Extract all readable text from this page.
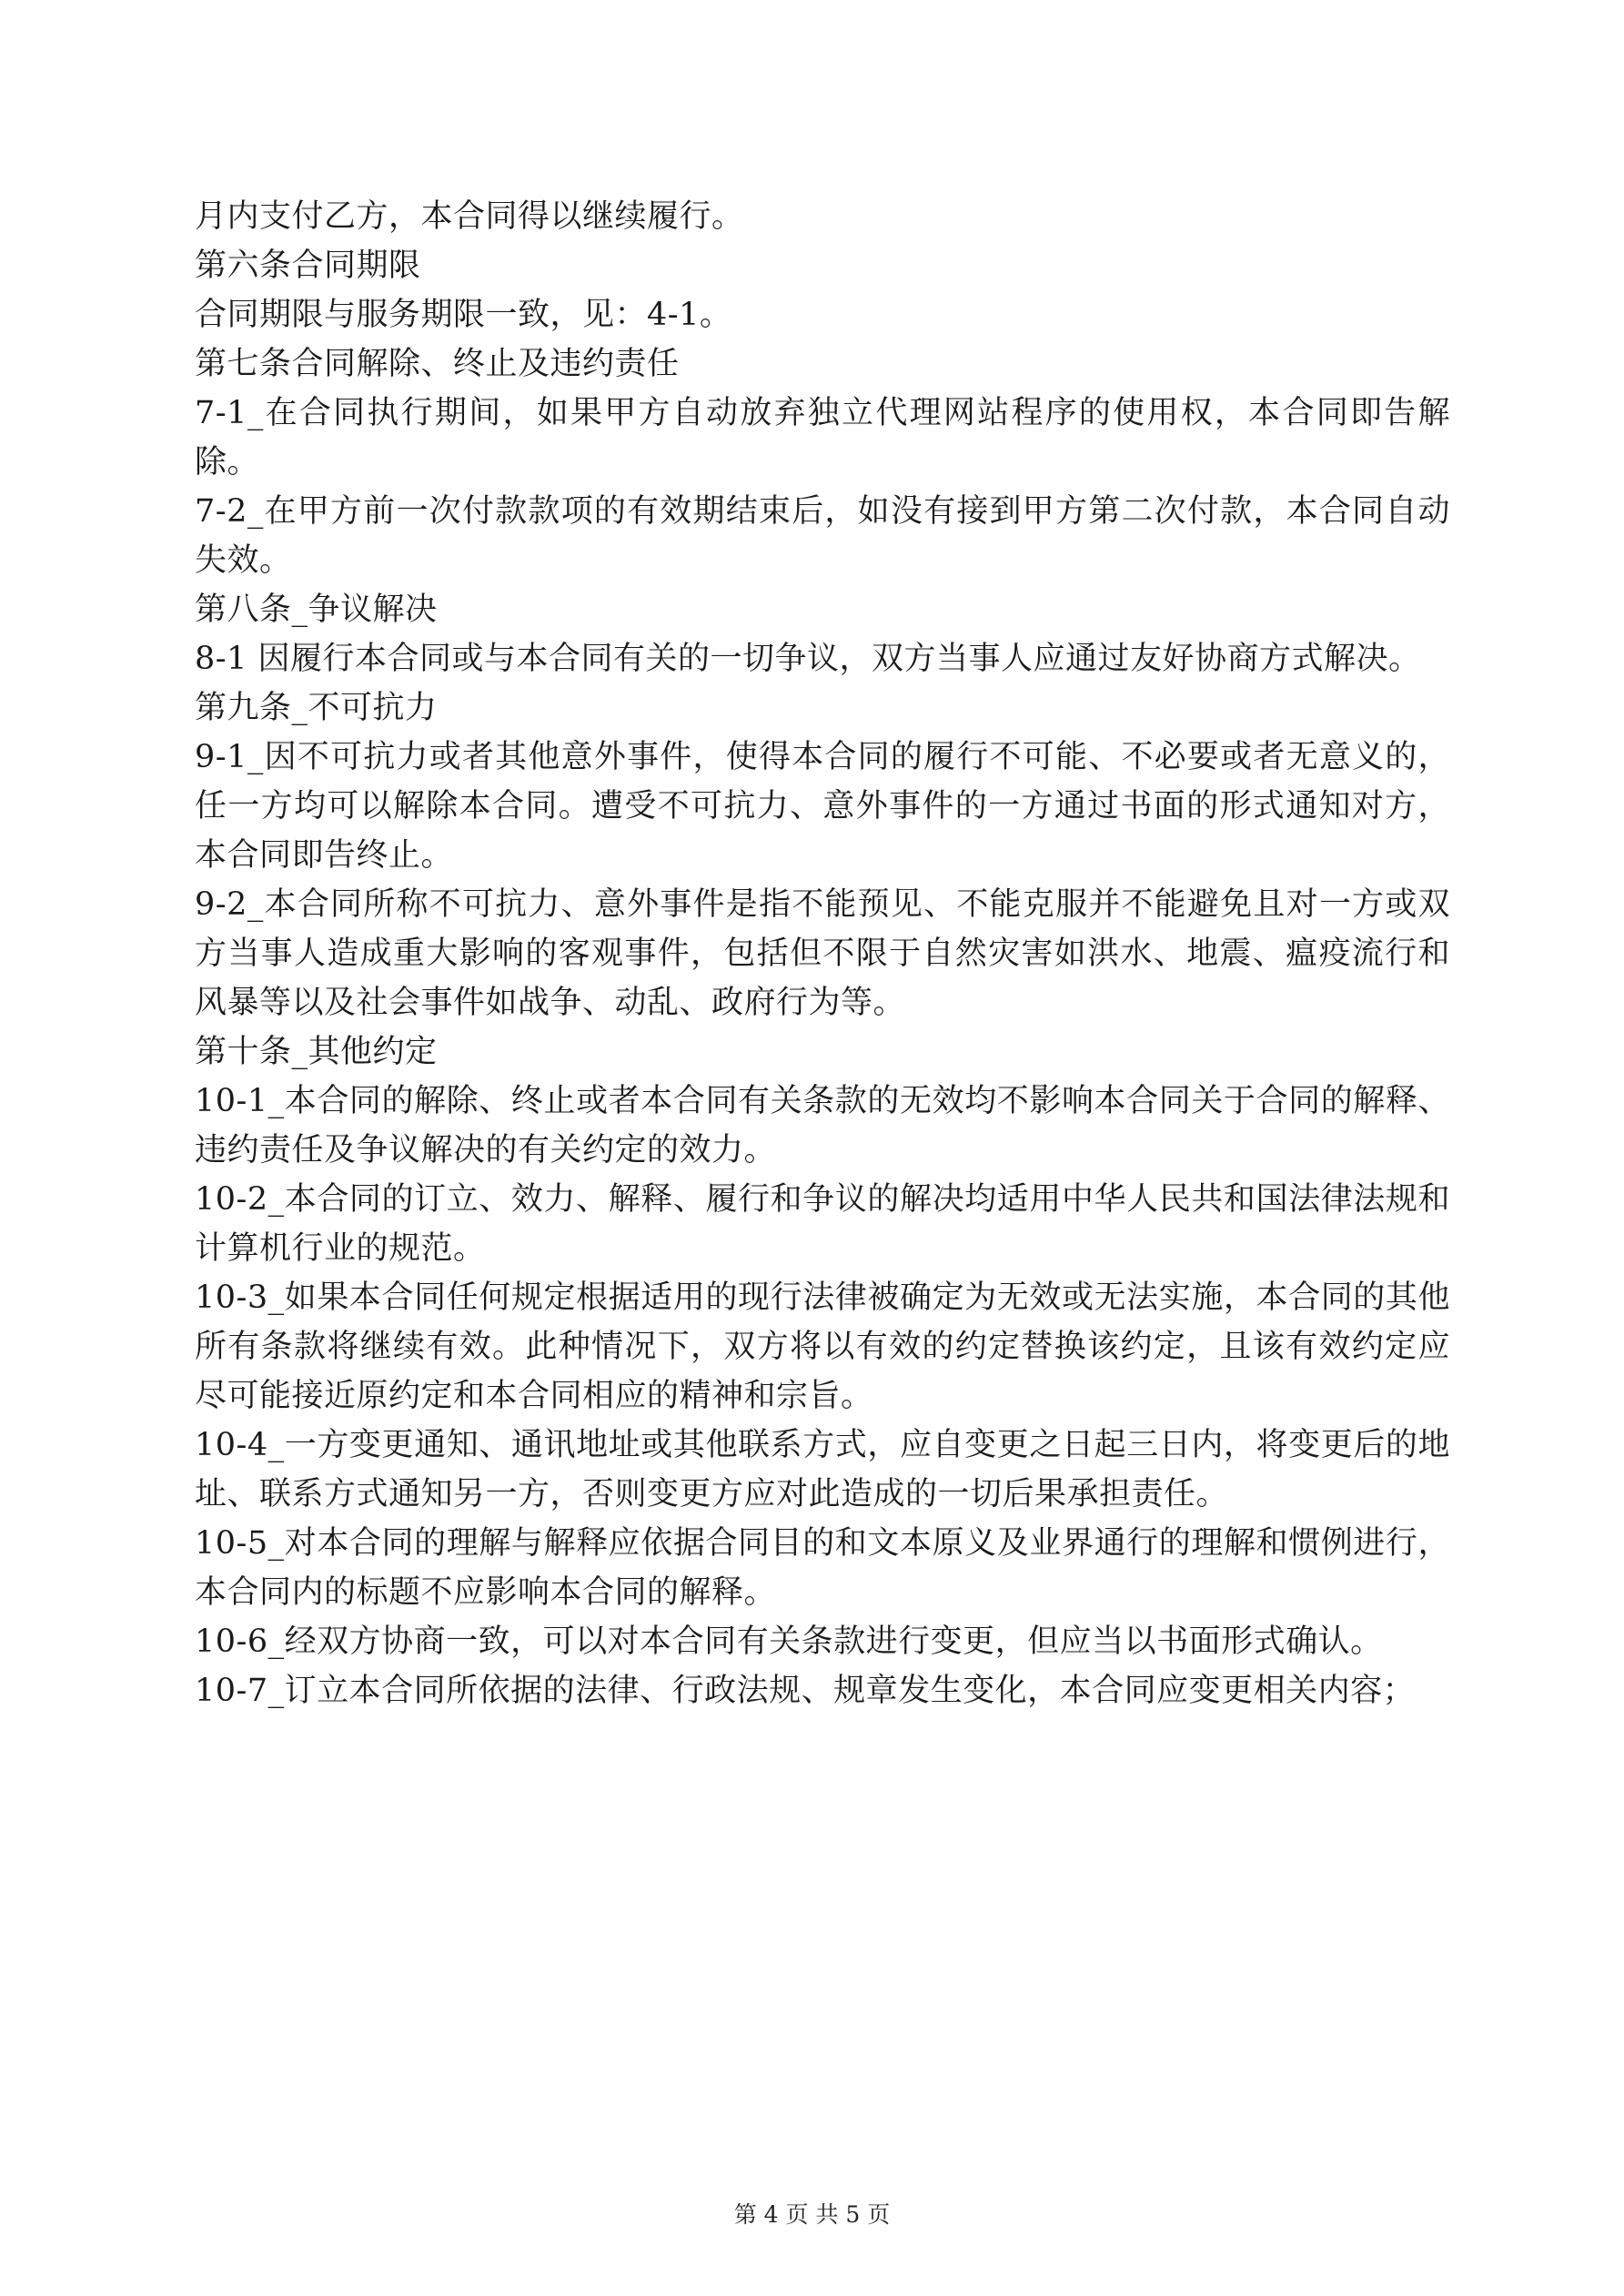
月内支付乙方，本合同得以继续履行。

第六条合同期限

合同期限与服务期限一致，见：4-1。

第七条合同解除、终止及违约责任

7-1_在合同执行期间，如果甲方自动放弃独立代理网站程序的使用权，本合同即告解除。

7-2_在甲方前一次付款款项的有效期结束后，如没有接到甲方第二次付款，本合同自动失效。

第八条_争议解决

8-1 因履行本合同或与本合同有关的一切争议，双方当事人应通过友好协商方式解决。

第九条_不可抗力

9-1_因不可抗力或者其他意外事件，使得本合同的履行不可能、不必要或者无意义的，任一方均可以解除本合同。遭受不可抗力、意外事件的一方通过书面的形式通知对方，本合同即告终止。

9-2_本合同所称不可抗力、意外事件是指不能预见、不能克服并不能避免且对一方或双方当事人造成重大影响的客观事件，包括但不限于自然灾害如洪水、地震、瘟疫流行和风暴等以及社会事件如战争、动乱、政府行为等。

第十条_其他约定

10-1_本合同的解除、终止或者本合同有关条款的无效均不影响本合同关于合同的解释、违约责任及争议解决的有关约定的效力。

10-2_本合同的订立、效力、解释、履行和争议的解决均适用中华人民共和国法律法规和计算机行业的规范。

10-3_如果本合同任何规定根据适用的现行法律被确定为无效或无法实施，本合同的其他所有条款将继续有效。此种情况下，双方将以有效的约定替换该约定，且该有效约定应尽可能接近原约定和本合同相应的精神和宗旨。

10-4_一方变更通知、通讯地址或其他联系方式，应自变更之日起三日内，将变更后的地址、联系方式通知另一方，否则变更方应对此造成的一切后果承担责任。

10-5_对本合同的理解与解释应依据合同目的和文本原义及业界通行的理解和惯例进行，本合同内的标题不应影响本合同的解释。

10-6_经双方协商一致，可以对本合同有关条款进行变更，但应当以书面形式确认。

10-7_订立本合同所依据的法律、行政法规、规章发生变化，本合同应变更相关内容；

第 4 页 共 5 页
